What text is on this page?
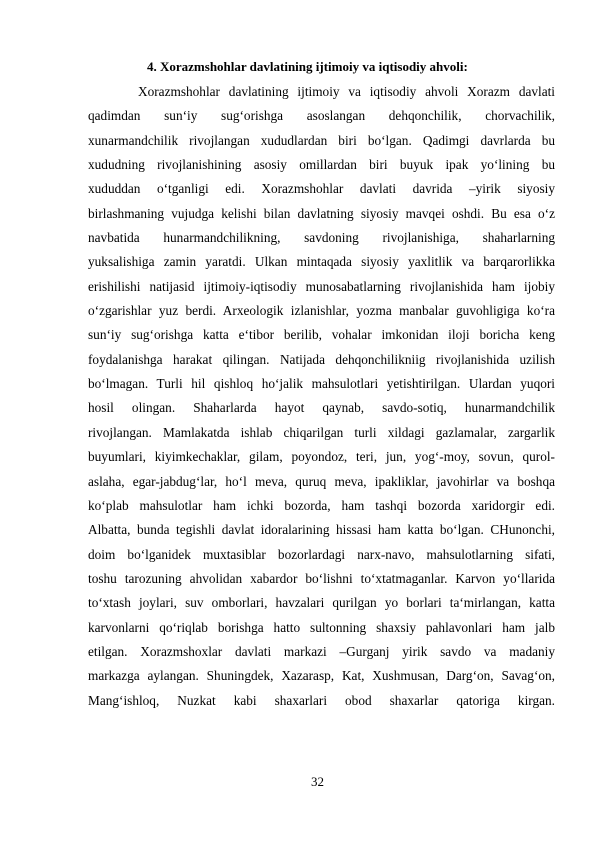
4. Xorazmshohlar davlatining ijtimoiy va iqtisodiy ahvoli:
Xorazmshohlar davlatining ijtimoiy va iqtisodiy ahvoli Xorazm davlati
qadimdan sun‘iy sug‘orishga asoslangan dehqonchilik, chorvachilik,
xunarmandchilik rivojlangan xududlardan biri bo‘lgan. Qadimgi davrlarda bu
xududning rivojlanishining asosiy omillardan biri buyuk ipak yo‘lining bu
xududdan o‘tganligi edi. Xorazmshohlar davlati davrida –yirik siyosiy
birlashmaning vujudga kelishi bilan davlatning siyosiy mavqei oshdi. Bu esa o‘z
navbatida hunarmandchilikning, savdoning rivojlanishiga, shaharlarning
yuksalishiga zamin yaratdi. Ulkan mintaqada siyosiy yaxlitlik va barqarorlikka
erishilishi natijasid ijtimoiy-iqtisodiy munosabatlarning rivojlanishida ham ijobiy
o‘zgarishlar yuz berdi. Arxeologik izlanishlar, yozma manbalar guvohligiga ko‘ra
sun‘iy sug‘orishga katta e‘tibor berilib, vohalar imkonidan iloji boricha keng
foydalanishga harakat qilingan. Natijada dehqonchilikniig rivojlanishida uzilish
bo‘lmagan. Turli hil qishloq ho‘jalik mahsulotlari yetishtirilgan. Ulardan yuqori
hosil olingan. Shaharlarda hayot qaynab, savdo-sotiq, hunarmandchilik
rivojlangan. Mamlakatda ishlab chiqarilgan turli xildagi gazlamalar, zargarlik
buyumlari, kiyimkechaklar, gilam, poyondoz, teri, jun, yog‘-moy, sovun, qurol-
aslaha, egar-jabdug‘lar, ho‘l meva, quruq meva, ipakliklar, javohirlar va boshqa
ko‘plab mahsulotlar ham ichki bozorda, ham tashqi bozorda xaridorgir edi.
Albatta, bunda tegishli davlat idoralarining hissasi ham katta bo‘lgan. CHunonchi,
doim bo‘lganidek muxtasiblar bozorlardagi narx-navo, mahsulotlarning sifati,
toshu tarozuning ahvolidan xabardor bo‘lishni to‘xtatmaganlar. Karvon yo‘llarida
to‘xtash joylari, suv omborlari, havzalari qurilgan yo borlari ta‘mirlangan, katta
karvonlarni qo‘riqlab borishga hatto sultonning shaxsiy pahlavonlari ham jalb
etilgan. Xorazmshoxlar davlati markazi –Gurganj yirik savdo va madaniy
markazga aylangan. Shuningdek, Xazarasp, Kat, Xushmusan, Darg‘on, Savag‘on,
Mang‘ishloq, Nuzkat kabi shaxarlari obod shaxarlar qatoriga kirgan.
32
